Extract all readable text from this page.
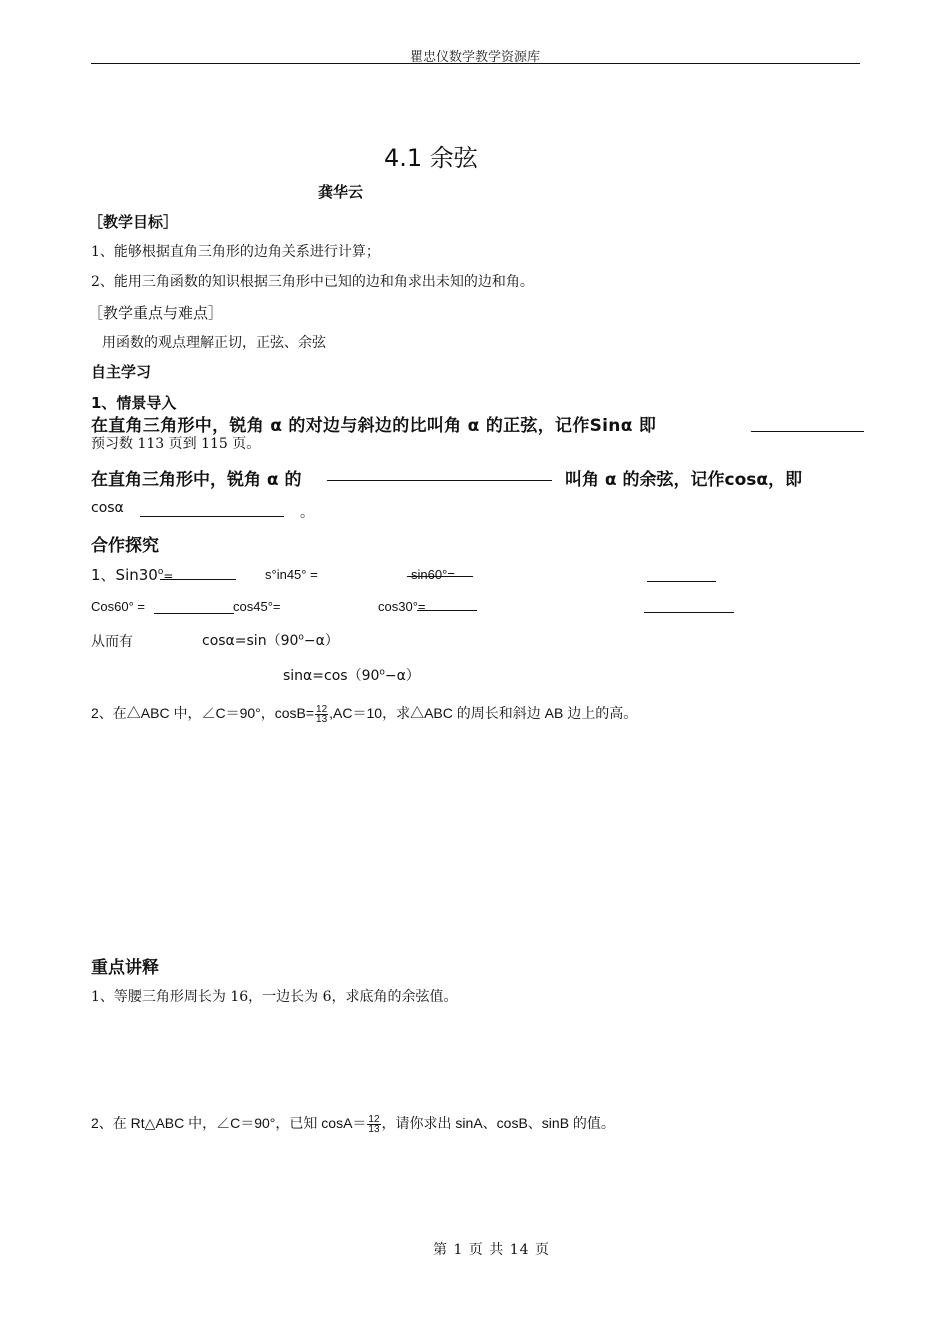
瞿忠仪数学教学资源库
4.1 余弦
龚华云
［教学目标］
1、能够根据直角三角形的边角关系进行计算；
2、能用三角函数的知识根据三角形中已知的边和角求出未知的边和角。
［教学重点与难点］
用函数的观点理解正切，正弦、余弦
自主学习
1、情景导入
在直角三角形中，锐角 α 的对边与斜边的比叫角 α 的正弦，记作Sinα 即
预习数 113 页到 115 页。
在直角三角形中，锐角 α 的	叫角 α 的余弦，记作cosα，即
cosα	。
合作探究
1、$Sin30^o=$	s°in45° =	sin60°=
Cos60° =	cos45°=	cos30°=
从而有	$\cos\alpha=\sin(90^o-\alpha)$
$\sin\alpha=\cos(90^o-\alpha)$
2、在△ABC 中，∠C＝90°，$\cos B= \frac{12}{13} ,AC=10$，求△ABC 的周长和斜边 AB 边上的高。
重点讲释
1、等腰三角形周长为 16，一边长为 6，求底角的余弦值。
2、在 Rt△ABC 中，∠C＝90°，已知 $\cos A= \frac{12}{13}$ ，请你求出 sinA、cosB、sinB 的值。
第 1 页 共 14 页
